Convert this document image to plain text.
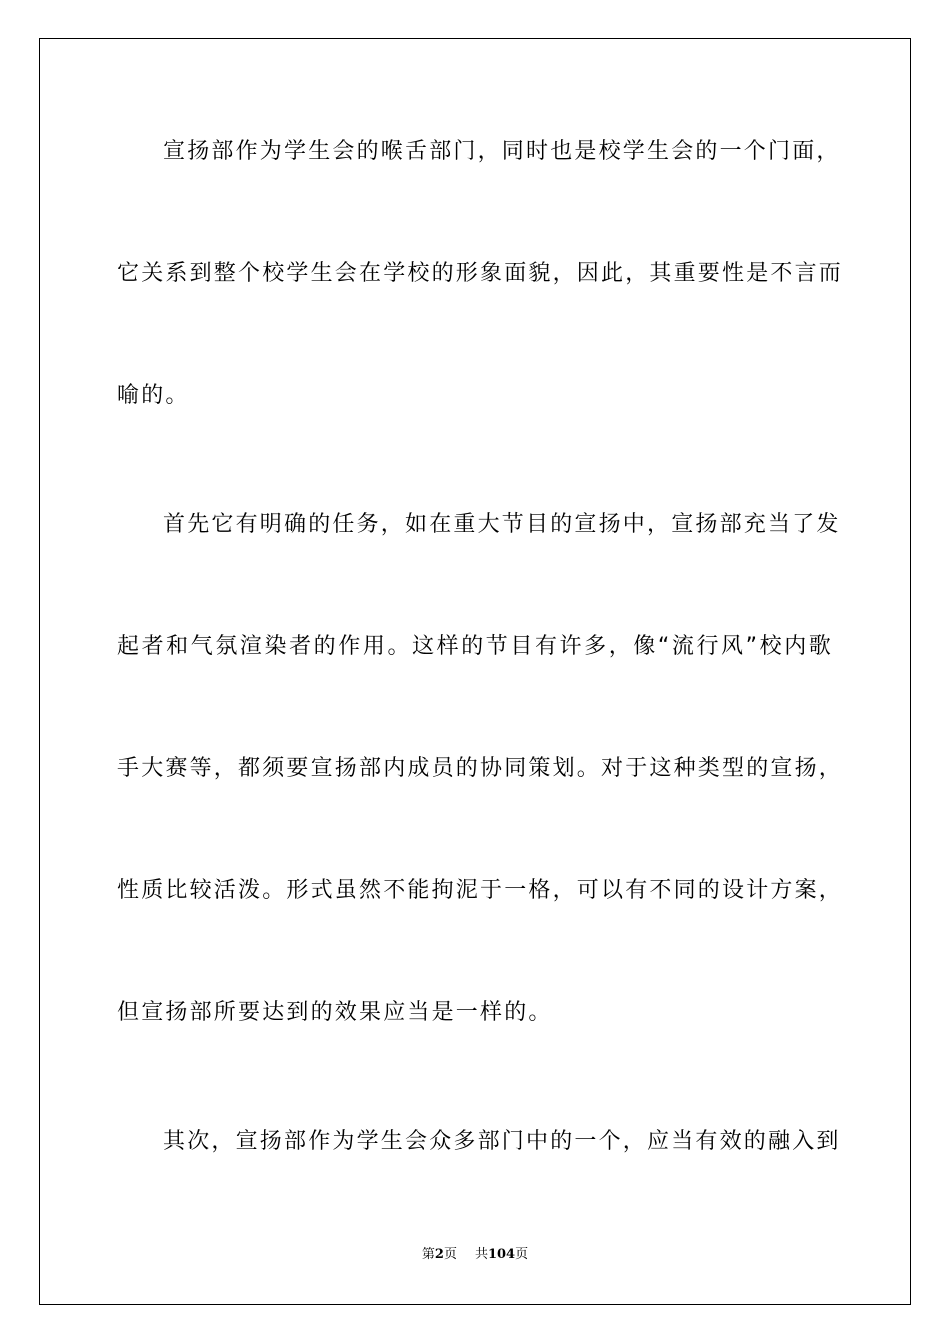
宣扬部作为学生会的喉舌部门，同时也是校学生会的一个门面，
它关系到整个校学生会在学校的形象面貌，因此，其重要性是不言而
喻的。
首先它有明确的任务，如在重大节目的宣扬中，宣扬部充当了发
起者和气氛渲染者的作用。这样的节目有许多，像“流行风”校内歌
手大赛等，都须要宣扬部内成员的协同策划。对于这种类型的宣扬，
性质比较活泼。形式虽然不能拘泥于一格，可以有不同的设计方案，
但宣扬部所要达到的效果应当是一样的。
其次，宣扬部作为学生会众多部门中的一个，应当有效的融入到
第2页 共104页
